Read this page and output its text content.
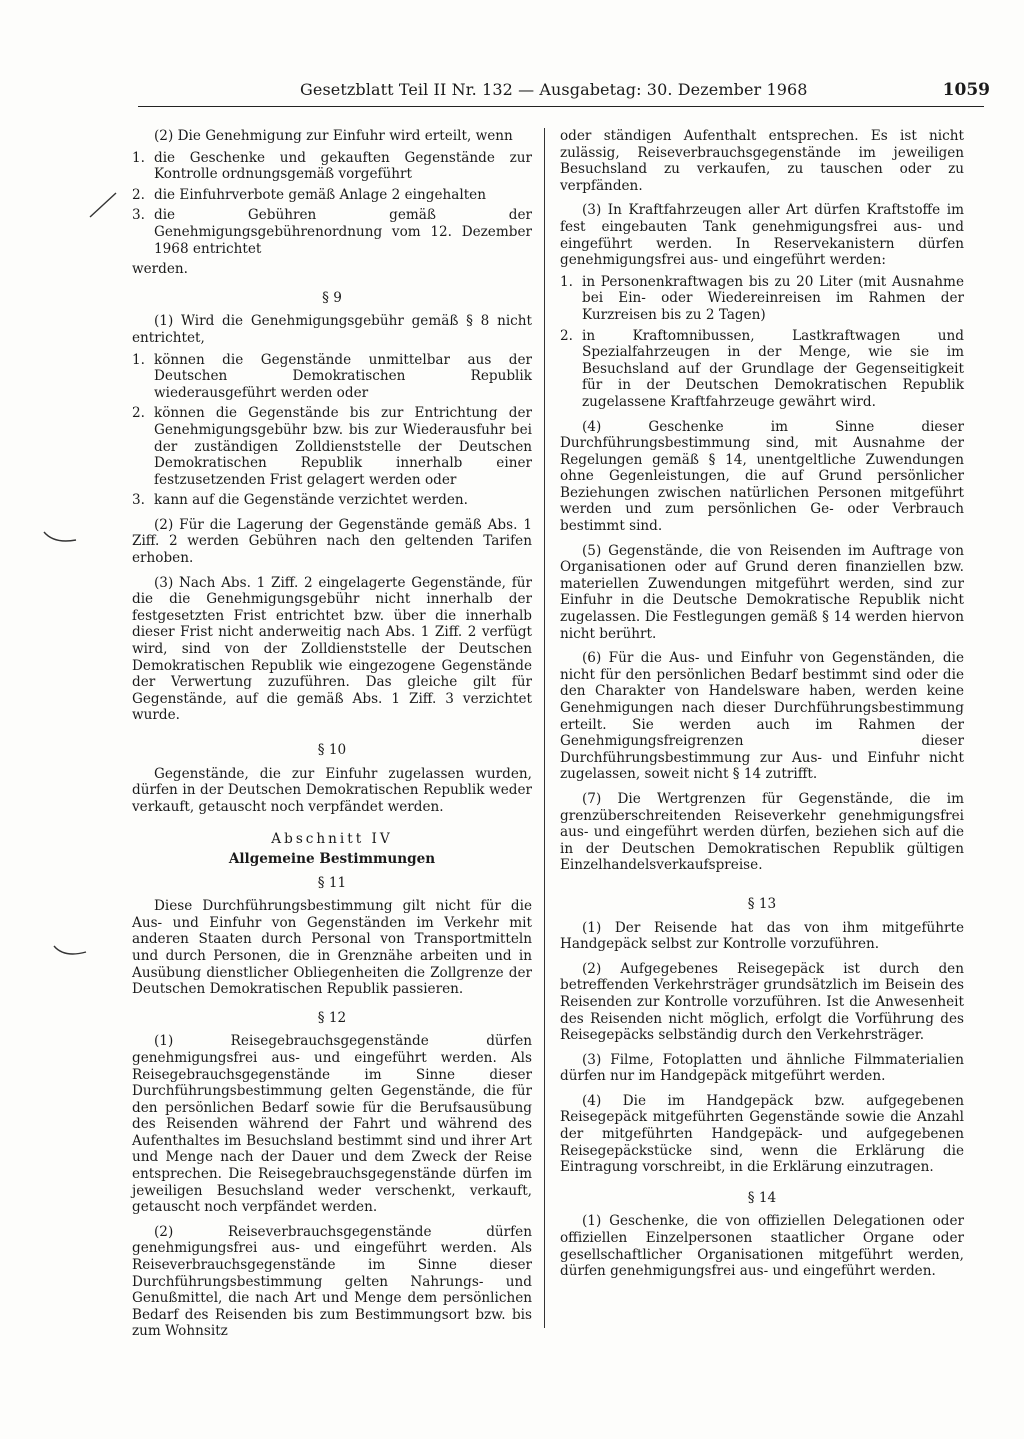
Gesetzblatt Teil II Nr. 132 — Ausgabetag: 30. Dezember 1968	1059

(2) Die Genehmigung zur Einfuhr wird erteilt, wenn

1. die Geschenke und gekauften Gegenstände zur Kontrolle ordnungsgemäß vorgeführt
2. die Einfuhrverbote gemäß Anlage 2 eingehalten
3. die Gebühren gemäß der Genehmigungsgebührenordnung vom 12. Dezember 1968 entrichtet

werden.

§ 9

(1) Wird die Genehmigungsgebühr gemäß § 8 nicht entrichtet,

1. können die Gegenstände unmittelbar aus der Deutschen Demokratischen Republik wiederausgeführt werden oder
2. können die Gegenstände bis zur Entrichtung der Genehmigungsgebühr bzw. bis zur Wiederausfuhr bei der zuständigen Zolldienststelle der Deutschen Demokratischen Republik innerhalb einer festzusetzenden Frist gelagert werden oder
3. kann auf die Gegenstände verzichtet werden.

(2) Für die Lagerung der Gegenstände gemäß Abs. 1 Ziff. 2 werden Gebühren nach den geltenden Tarifen erhoben.

(3) Nach Abs. 1 Ziff. 2 eingelagerte Gegenstände, für die die Genehmigungsgebühr nicht innerhalb der festgesetzten Frist entrichtet bzw. über die innerhalb dieser Frist nicht anderweitig nach Abs. 1 Ziff. 2 verfügt wird, sind von der Zolldienststelle der Deutschen Demokratischen Republik wie eingezogene Gegenstände der Verwertung zuzuführen. Das gleiche gilt für Gegenstände, auf die gemäß Abs. 1 Ziff. 3 verzichtet wurde.

§ 10

Gegenstände, die zur Einfuhr zugelassen wurden, dürfen in der Deutschen Demokratischen Republik weder verkauft, getauscht noch verpfändet werden.

Abschnitt IV
Allgemeine Bestimmungen
§ 11

Diese Durchführungsbestimmung gilt nicht für die Aus- und Einfuhr von Gegenständen im Verkehr mit anderen Staaten durch Personal von Transportmitteln und durch Personen, die in Grenznähe arbeiten und in Ausübung dienstlicher Obliegenheiten die Zollgrenze der Deutschen Demokratischen Republik passieren.

§ 12

(1) Reisegebrauchsgegenstände dürfen genehmigungsfrei aus- und eingeführt werden. Als Reisegebrauchsgegenstände im Sinne dieser Durchführungsbestimmung gelten Gegenstände, die für den persönlichen Bedarf sowie für die Berufsausübung des Reisenden während der Fahrt und während des Aufenthaltes im Besuchsland bestimmt sind und ihrer Art und Menge nach der Dauer und dem Zweck der Reise entsprechen. Die Reisegebrauchsgegenstände dürfen im jeweiligen Besuchsland weder verschenkt, verkauft, getauscht noch verpfändet werden.

(2) Reiseverbrauchsgegenstände dürfen genehmigungsfrei aus- und eingeführt werden. Als Reiseverbrauchsgegenstände im Sinne dieser Durchführungsbestimmung gelten Nahrungs- und Genußmittel, die nach Art und Menge dem persönlichen Bedarf des Reisenden bis zum Bestimmungsort bzw. bis zum Wohnsitz

oder ständigen Aufenthalt entsprechen. Es ist nicht zulässig, Reiseverbrauchsgegenstände im jeweiligen Besuchsland zu verkaufen, zu tauschen oder zu verpfänden.

(3) In Kraftfahrzeugen aller Art dürfen Kraftstoffe im fest eingebauten Tank genehmigungsfrei aus- und eingeführt werden. In Reservekanistern dürfen genehmigungsfrei aus- und eingeführt werden:

1. in Personenkraftwagen bis zu 20 Liter (mit Ausnahme bei Ein- oder Wiedereinreisen im Rahmen der Kurzreisen bis zu 2 Tagen)
2. in Kraftomnibussen, Lastkraftwagen und Spezialfahrzeugen in der Menge, wie sie im Besuchsland auf der Grundlage der Gegenseitigkeit für in der Deutschen Demokratischen Republik zugelassene Kraftfahrzeuge gewährt wird.

(4) Geschenke im Sinne dieser Durchführungsbestimmung sind, mit Ausnahme der Regelungen gemäß § 14, unentgeltliche Zuwendungen ohne Gegenleistungen, die auf Grund persönlicher Beziehungen zwischen natürlichen Personen mitgeführt werden und zum persönlichen Ge- oder Verbrauch bestimmt sind.

(5) Gegenstände, die von Reisenden im Auftrage von Organisationen oder auf Grund deren finanziellen bzw. materiellen Zuwendungen mitgeführt werden, sind zur Einfuhr in die Deutsche Demokratische Republik nicht zugelassen. Die Festlegungen gemäß § 14 werden hiervon nicht berührt.

(6) Für die Aus- und Einfuhr von Gegenständen, die nicht für den persönlichen Bedarf bestimmt sind oder die den Charakter von Handelsware haben, werden keine Genehmigungen nach dieser Durchführungsbestimmung erteilt. Sie werden auch im Rahmen der Genehmigungsfreigrenzen dieser Durchführungsbestimmung zur Aus- und Einfuhr nicht zugelassen, soweit nicht § 14 zutrifft.

(7) Die Wertgrenzen für Gegenstände, die im grenzüberschreitenden Reiseverkehr genehmigungsfrei aus- und eingeführt werden dürfen, beziehen sich auf die in der Deutschen Demokratischen Republik gültigen Einzelhandelsverkaufspreise.

§ 13

(1) Der Reisende hat das von ihm mitgeführte Handgepäck selbst zur Kontrolle vorzuführen.

(2) Aufgegebenes Reisegepäck ist durch den betreffenden Verkehrsträger grundsätzlich im Beisein des Reisenden zur Kontrolle vorzuführen. Ist die Anwesenheit des Reisenden nicht möglich, erfolgt die Vorführung des Reisegepäcks selbständig durch den Verkehrsträger.

(3) Filme, Fotoplatten und ähnliche Filmmaterialien dürfen nur im Handgepäck mitgeführt werden.

(4) Die im Handgepäck bzw. aufgegebenen Reisegepäck mitgeführten Gegenstände sowie die Anzahl der mitgeführten Handgepäck- und aufgegebenen Reisegepäckstücke sind, wenn die Erklärung die Eintragung vorschreibt, in die Erklärung einzutragen.

§ 14

(1) Geschenke, die von offiziellen Delegationen oder offiziellen Einzelpersonen staatlicher Organe oder gesellschaftlicher Organisationen mitgeführt werden, dürfen genehmigungsfrei aus- und eingeführt werden.
